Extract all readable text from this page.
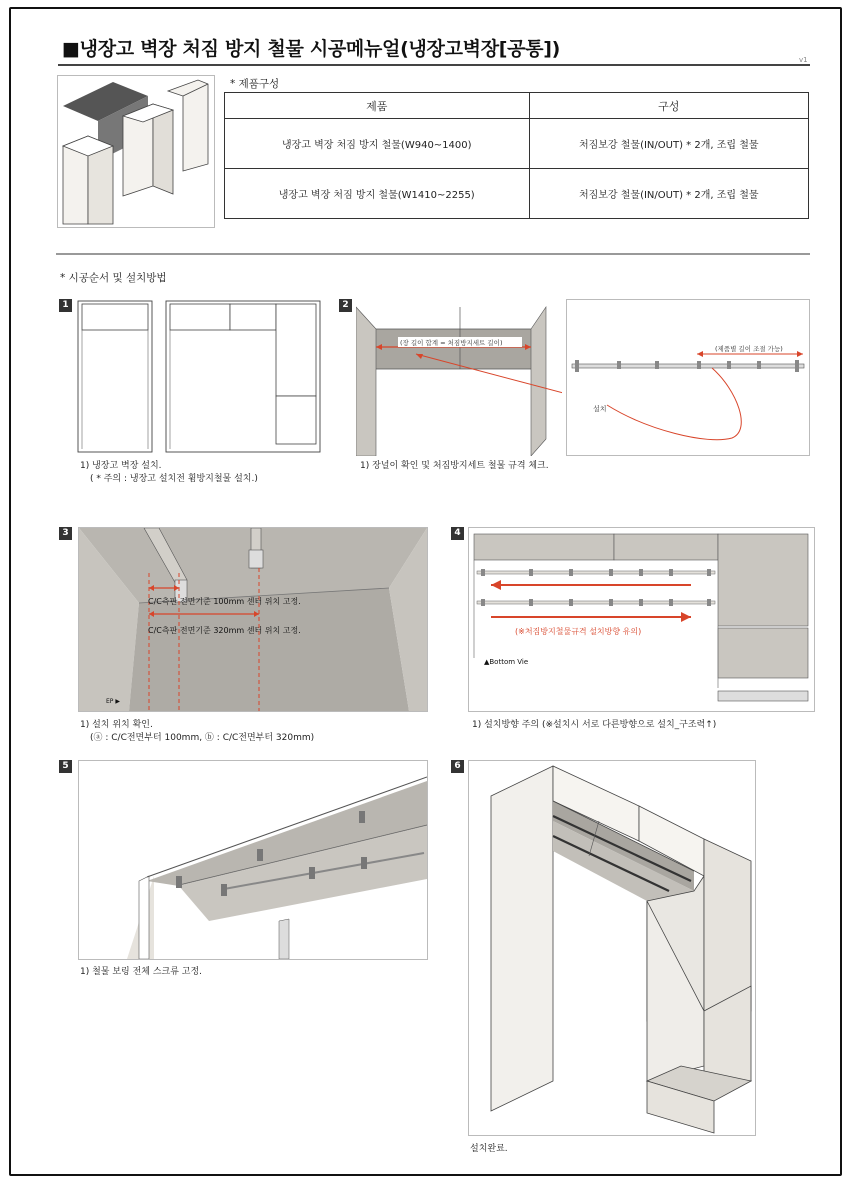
■냉장고 벽장 처짐 방지 철물 시공메뉴얼(냉장고벽장[공통])	v1
* 제품구성
제품	구성
냉장고 벽장 처짐 방지 철물(W940~1400)	처짐보강 철물(IN/OUT) * 2개, 조립 철물
냉장고 벽장 처짐 방지 철물(W1410~2255)	처짐보강 철물(IN/OUT) * 2개, 조립 철물
* 시공순서 및 설치방법
1
1) 냉장고 벽장 설치.
( * 주의 : 냉장고 설치전 휨방지철물 설치.)
2
(장 길이 합계 = 처짐방지세트 길이)
(제품별 길이 조절 가능)
설치
1) 장널이 확인 및 처짐방지세트 철물 규격 체크.
3
C/C측판 전면기준 100mm 센터 위치 고정.
C/C측판 전면기준 320mm 센터 위치 고정.
EP ▶
1) 설치 위치 확인.
(ⓐ : C/C전면부터 100mm, ⓑ : C/C전면부터 320mm)
4
(※처짐방지철물규격 설치방향 유의)
▲Bottom Vie
1) 설치방향 주의 (※설치시 서로 다른방향으로 설치_구조력↑)
5
1) 철물 보링 전체 스크류 고정.
6
설치완료.
